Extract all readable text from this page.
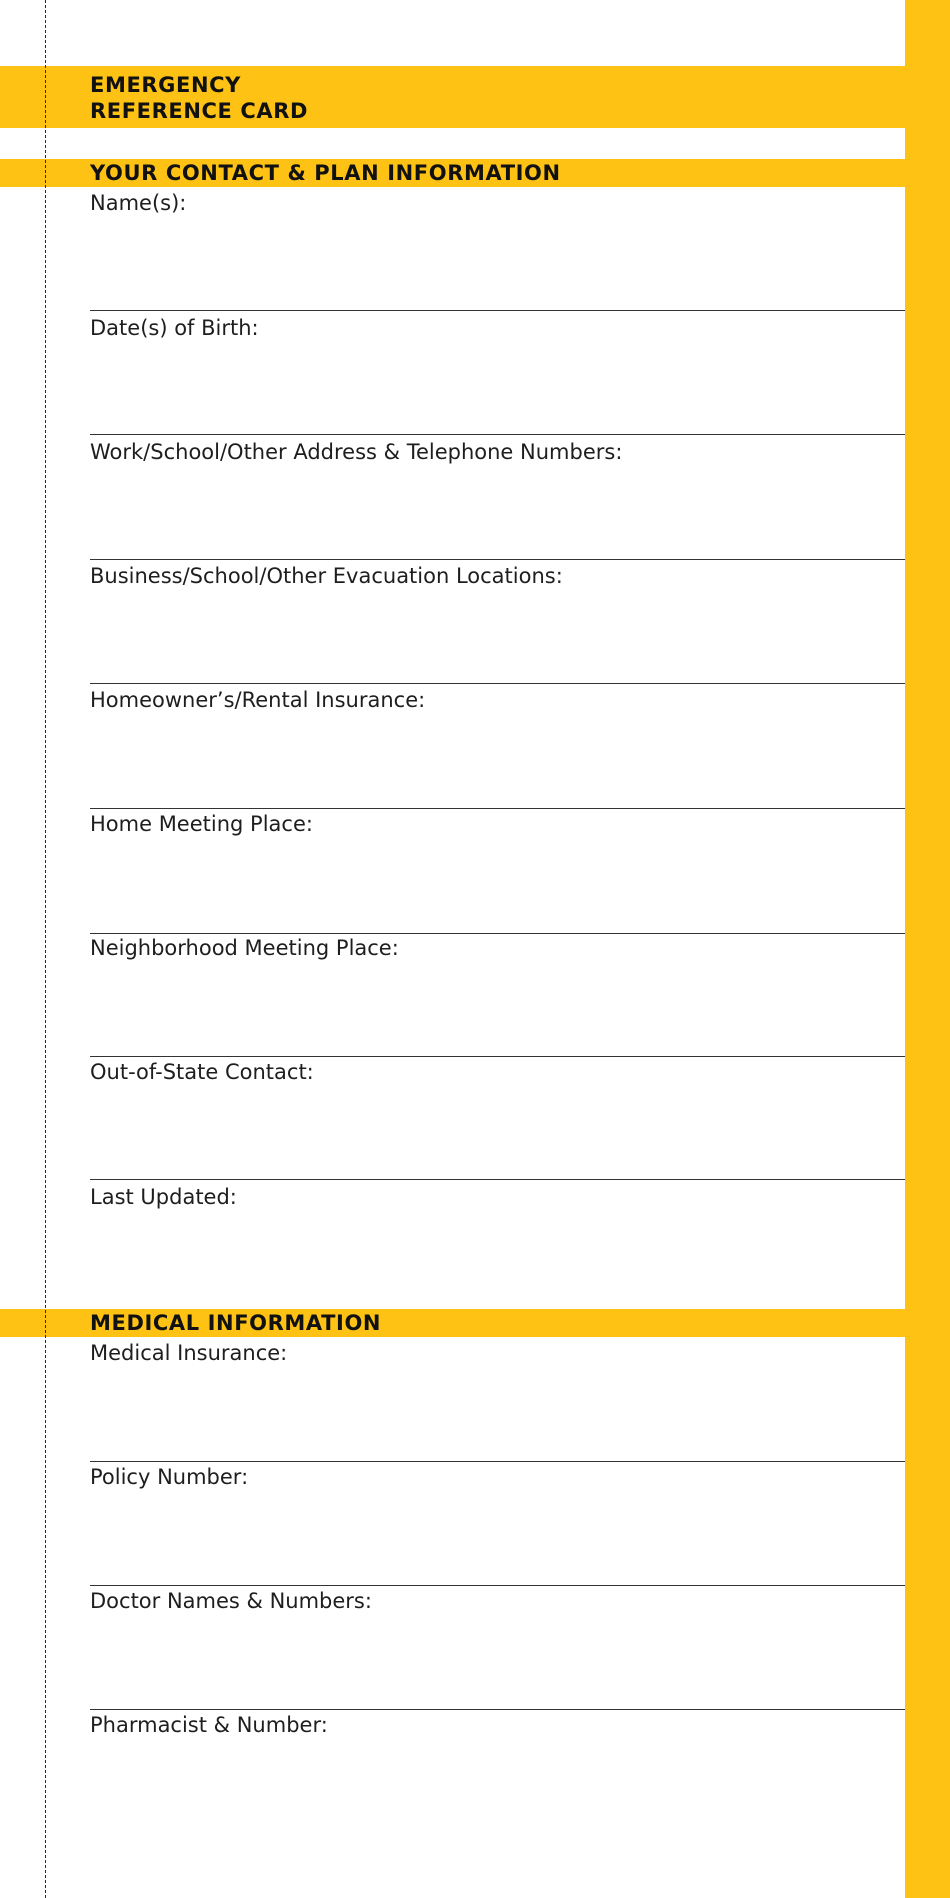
EMERGENCY
REFERENCE CARD
YOUR CONTACT & PLAN INFORMATION
Name(s):
Date(s) of Birth:
Work/School/Other Address & Telephone Numbers:
Business/School/Other Evacuation Locations:
Homeowner’s/Rental Insurance:
Home Meeting Place:
Neighborhood Meeting Place:
Out-of-State Contact:
Last Updated:
MEDICAL INFORMATION
Medical Insurance:
Policy Number:
Doctor Names & Numbers:
Pharmacist & Number:
